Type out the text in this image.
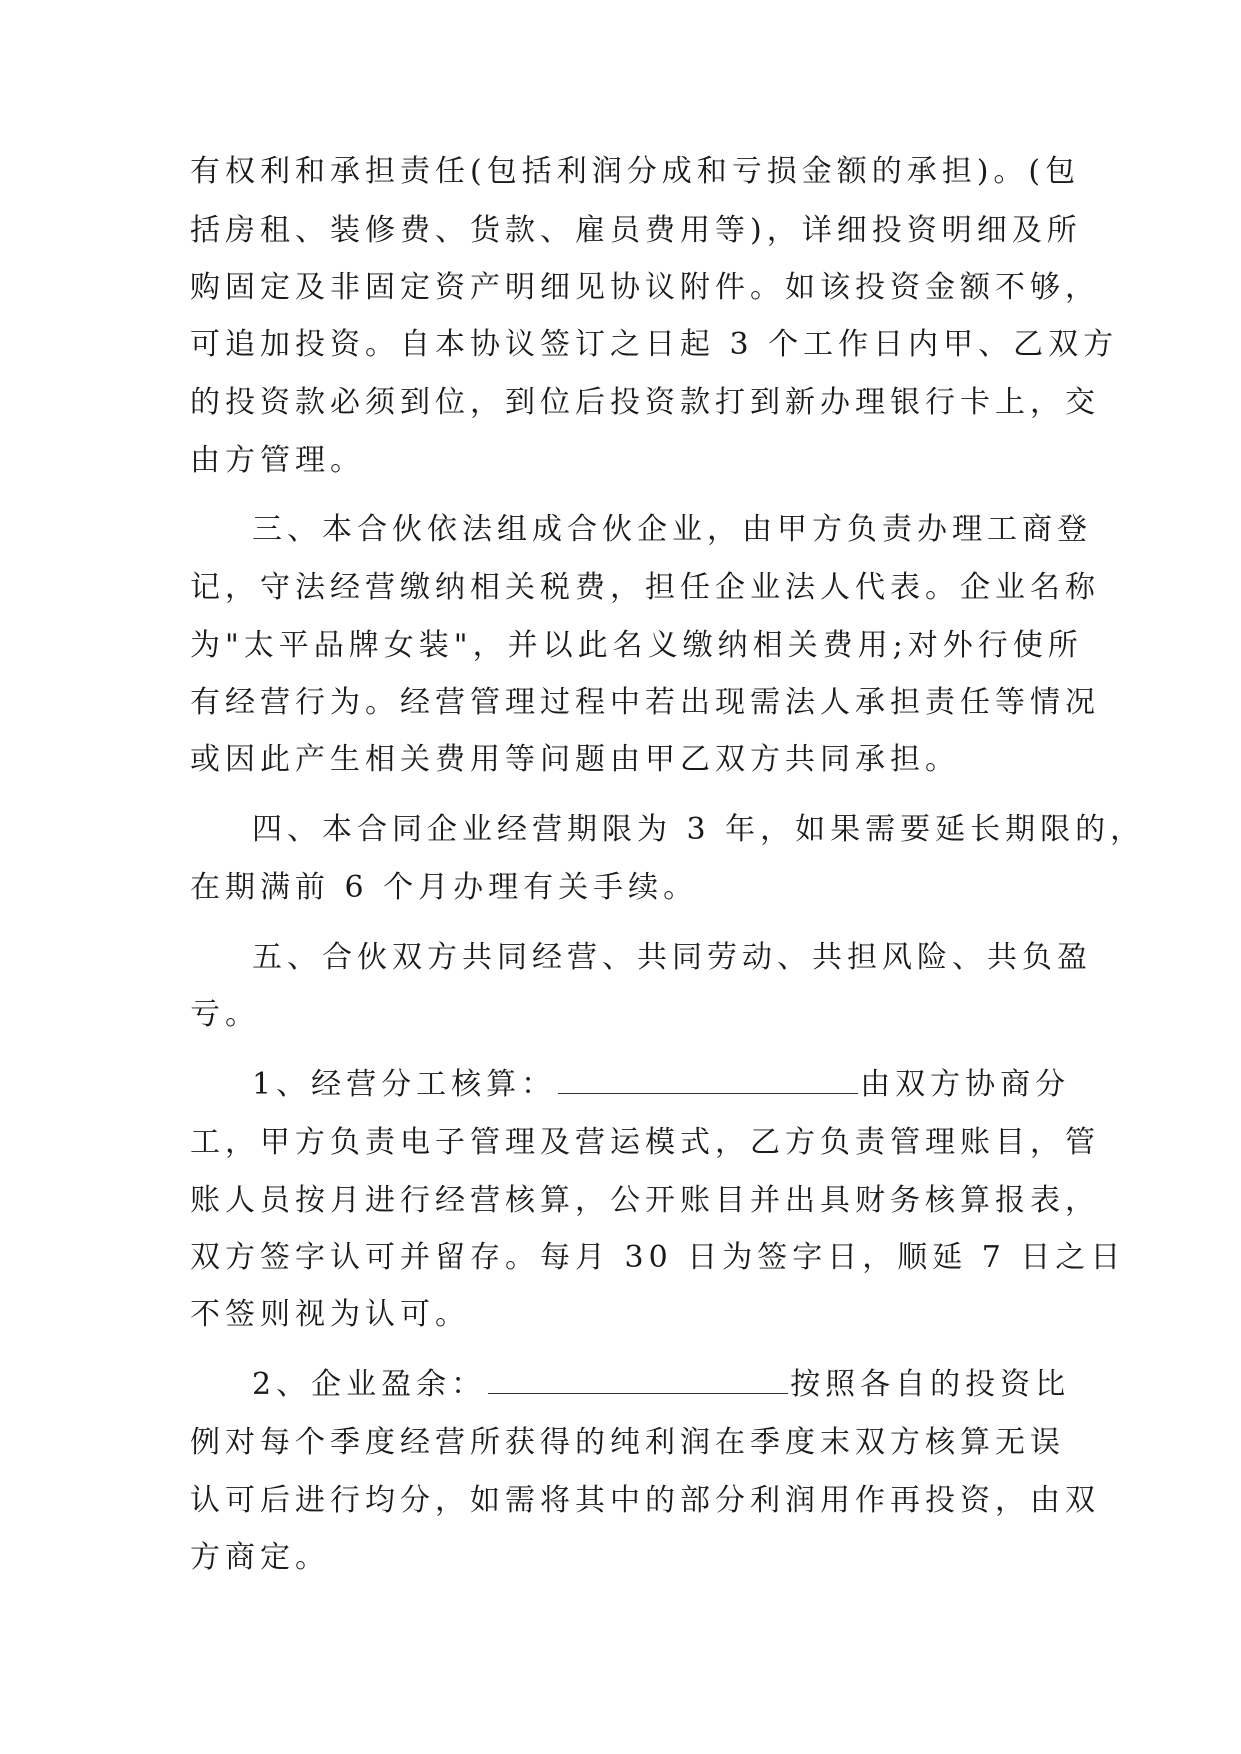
有权利和承担责任(包括利润分成和亏损金额的承担)。(包
括房租、装修费、货款、雇员费用等)，详细投资明细及所
购固定及非固定资产明细见协议附件。如该投资金额不够，
可追加投资。自本协议签订之日起 3 个工作日内甲、乙双方
的投资款必须到位，到位后投资款打到新办理银行卡上，交
由方管理。
三、本合伙依法组成合伙企业，由甲方负责办理工商登
记，守法经营缴纳相关税费，担任企业法人代表。企业名称
为"太平品牌女装"，并以此名义缴纳相关费用;对外行使所
有经营行为。经营管理过程中若出现需法人承担责任等情况
或因此产生相关费用等问题由甲乙双方共同承担。
四、本合同企业经营期限为 3 年，如果需要延长期限的，
在期满前 6 个月办理有关手续。
五、合伙双方共同经营、共同劳动、共担风险、共负盈
亏。
1、经营分工核算：	由双方协商分
工，甲方负责电子管理及营运模式，乙方负责管理账目，管
账人员按月进行经营核算，公开账目并出具财务核算报表，
双方签字认可并留存。每月 30 日为签字日，顺延 7 日之日
不签则视为认可。
2、企业盈余：	按照各自的投资比
例对每个季度经营所获得的纯利润在季度末双方核算无误
认可后进行均分，如需将其中的部分利润用作再投资，由双
方商定。
